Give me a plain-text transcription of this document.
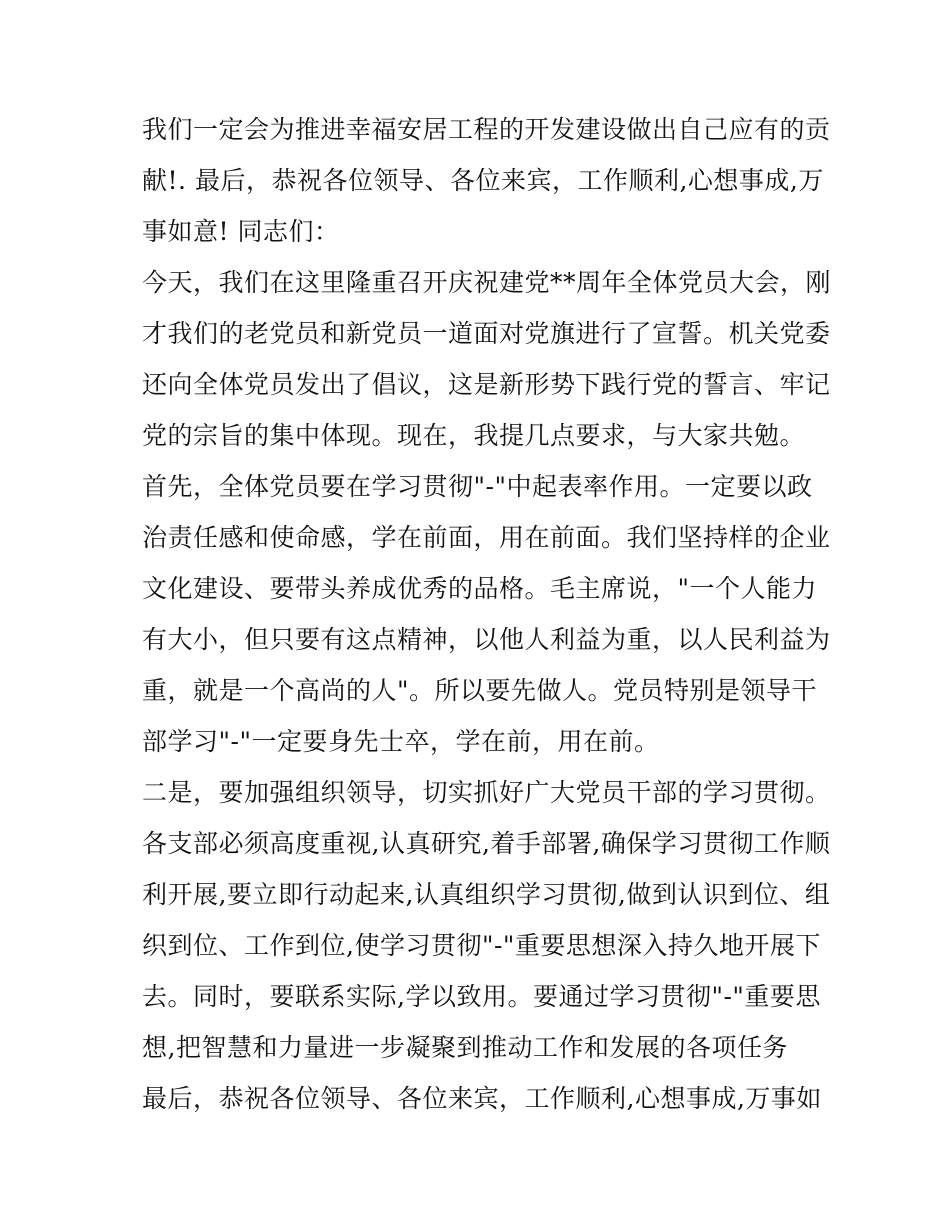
我们一定会为推进幸福安居工程的开发建设做出自己应有的贡
献!. 最后，恭祝各位领导、各位来宾，工作顺利,心想事成,万
事如意! 同志们：
今天，我们在这里隆重召开庆祝建党**周年全体党员大会，刚
才我们的老党员和新党员一道面对党旗进行了宣誓。机关党委
还向全体党员发出了倡议，这是新形势下践行党的誓言、牢记
党的宗旨的集中体现。现在，我提几点要求，与大家共勉。
首先，全体党员要在学习贯彻"-"中起表率作用。一定要以政
治责任感和使命感，学在前面，用在前面。我们坚持样的企业
文化建设、要带头养成优秀的品格。毛主席说，"一个人能力
有大小，但只要有这点精神，以他人利益为重，以人民利益为
重，就是一个高尚的人"。所以要先做人。党员特别是领导干
部学习"-"一定要身先士卒，学在前，用在前。
二是，要加强组织领导，切实抓好广大党员干部的学习贯彻。
各支部必须高度重视,认真研究,着手部署,确保学习贯彻工作顺
利开展,要立即行动起来,认真组织学习贯彻,做到认识到位、组
织到位、工作到位,使学习贯彻"-"重要思想深入持久地开展下
去。同时，要联系实际,学以致用。要通过学习贯彻"-"重要思
想,把智慧和力量进一步凝聚到推动工作和发展的各项任务
最后，恭祝各位领导、各位来宾，工作顺利,心想事成,万事如
